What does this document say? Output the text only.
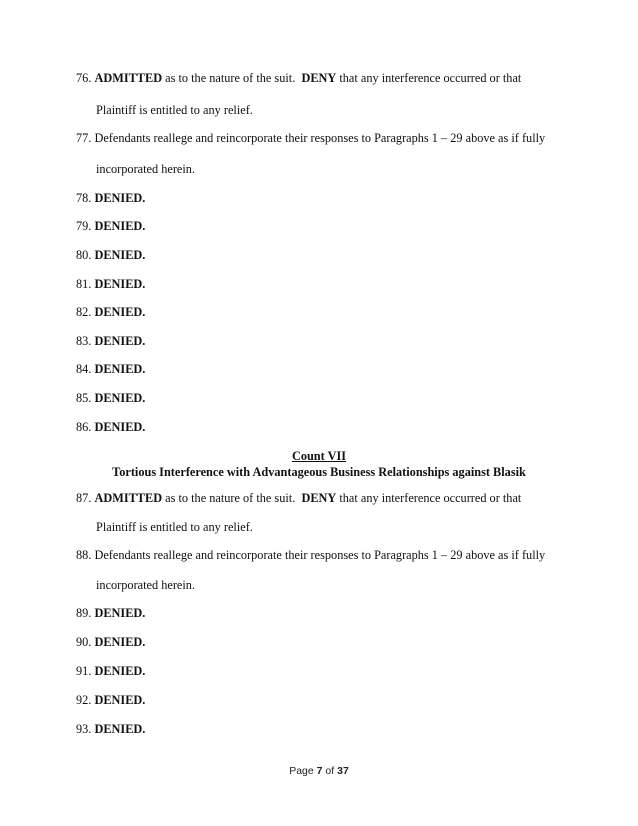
76. ADMITTED as to the nature of the suit.  DENY that any interference occurred or that
Plaintiff is entitled to any relief.
77. Defendants reallege and reincorporate their responses to Paragraphs 1 – 29 above as if fully
incorporated herein.
78. DENIED.
79. DENIED.
80. DENIED.
81. DENIED.
82. DENIED.
83. DENIED.
84. DENIED.
85. DENIED.
86. DENIED.
Count VII
Tortious Interference with Advantageous Business Relationships against Blasik
87. ADMITTED as to the nature of the suit.  DENY that any interference occurred or that
Plaintiff is entitled to any relief.
88. Defendants reallege and reincorporate their responses to Paragraphs 1 – 29 above as if fully
incorporated herein.
89. DENIED.
90. DENIED.
91. DENIED.
92. DENIED.
93. DENIED.
Page 7 of 37
